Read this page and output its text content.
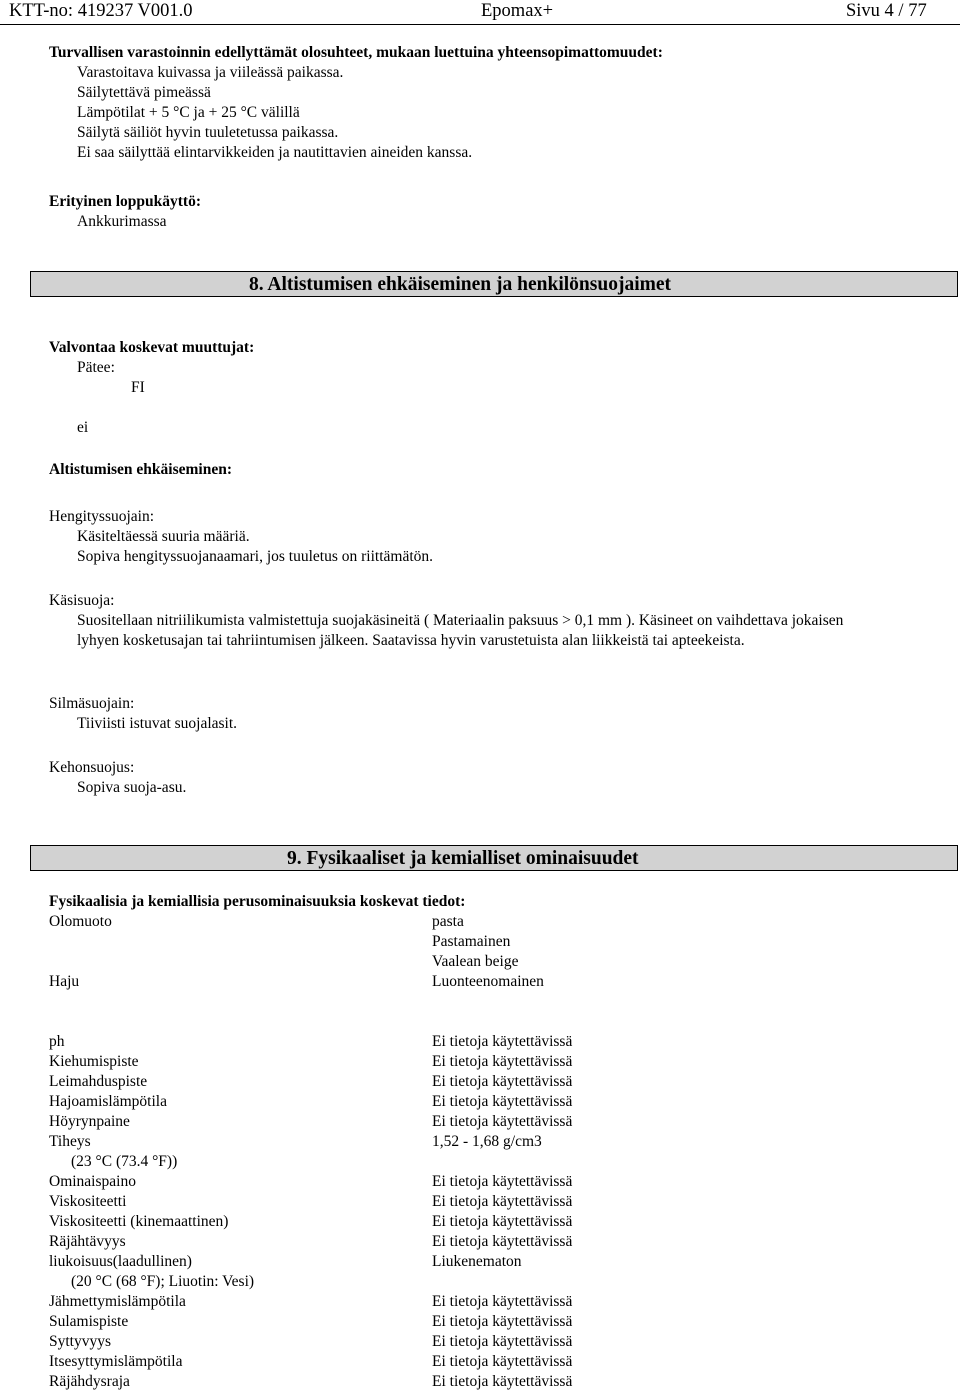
KTT-no: 419237 V001.0	Epomax+	Sivu 4 / 77
Turvallisen varastoinnin edellyttämät olosuhteet, mukaan luettuina yhteensopimattomuudet:
Varastoitava kuivassa ja viileässä paikassa.
Säilytettävä pimeässä
Lämpötilat + 5 °C ja + 25 °C välillä
Säilytä säiliöt hyvin tuuletetussa paikassa.
Ei saa säilyttää elintarvikkeiden ja nautittavien aineiden kanssa.
Erityinen loppukäyttö:
Ankkurimassa
8. Altistumisen ehkäiseminen ja henkilönsuojaimet
Valvontaa koskevat muuttujat:
Pätee:
FI
ei
Altistumisen ehkäiseminen:
Hengityssuojain:
Käsiteltäessä suuria määriä.
Sopiva hengityssuojanaamari, jos tuuletus on riittämätön.
Käsisuoja:
Suositellaan nitriilikumista valmistettuja suojakäsineitä ( Materiaalin paksuus > 0,1 mm ). Käsineet on vaihdettava jokaisen
lyhyen kosketusajan tai tahriintumisen jälkeen. Saatavissa hyvin varustetuista alan liikkeistä tai apteekeista.
Silmäsuojain:
Tiiviisti istuvat suojalasit.
Kehonsuojus:
Sopiva suoja-asu.
9. Fysikaaliset ja kemialliset ominaisuudet
Fysikaalisia ja kemiallisia perusominaisuuksia koskevat tiedot:
Olomuoto	pasta
Pastamainen
Vaalean beige
Haju	Luonteenomainen
ph	Ei tietoja käytettävissä
Kiehumispiste	Ei tietoja käytettävissä
Leimahduspiste	Ei tietoja käytettävissä
Hajoamislämpötila	Ei tietoja käytettävissä
Höyrynpaine	Ei tietoja käytettävissä
Tiheys	1,52 - 1,68 g/cm3
(23 °C (73.4 °F))
Ominaispaino	Ei tietoja käytettävissä
Viskositeetti	Ei tietoja käytettävissä
Viskositeetti (kinemaattinen)	Ei tietoja käytettävissä
Räjähtävyys	Ei tietoja käytettävissä
liukoisuus(laadullinen)	Liukenematon
(20 °C (68 °F); Liuotin: Vesi)
Jähmettymislämpötila	Ei tietoja käytettävissä
Sulamispiste	Ei tietoja käytettävissä
Syttyvyys	Ei tietoja käytettävissä
Itsesyttymislämpötila	Ei tietoja käytettävissä
Räjähdysraja	Ei tietoja käytettävissä
